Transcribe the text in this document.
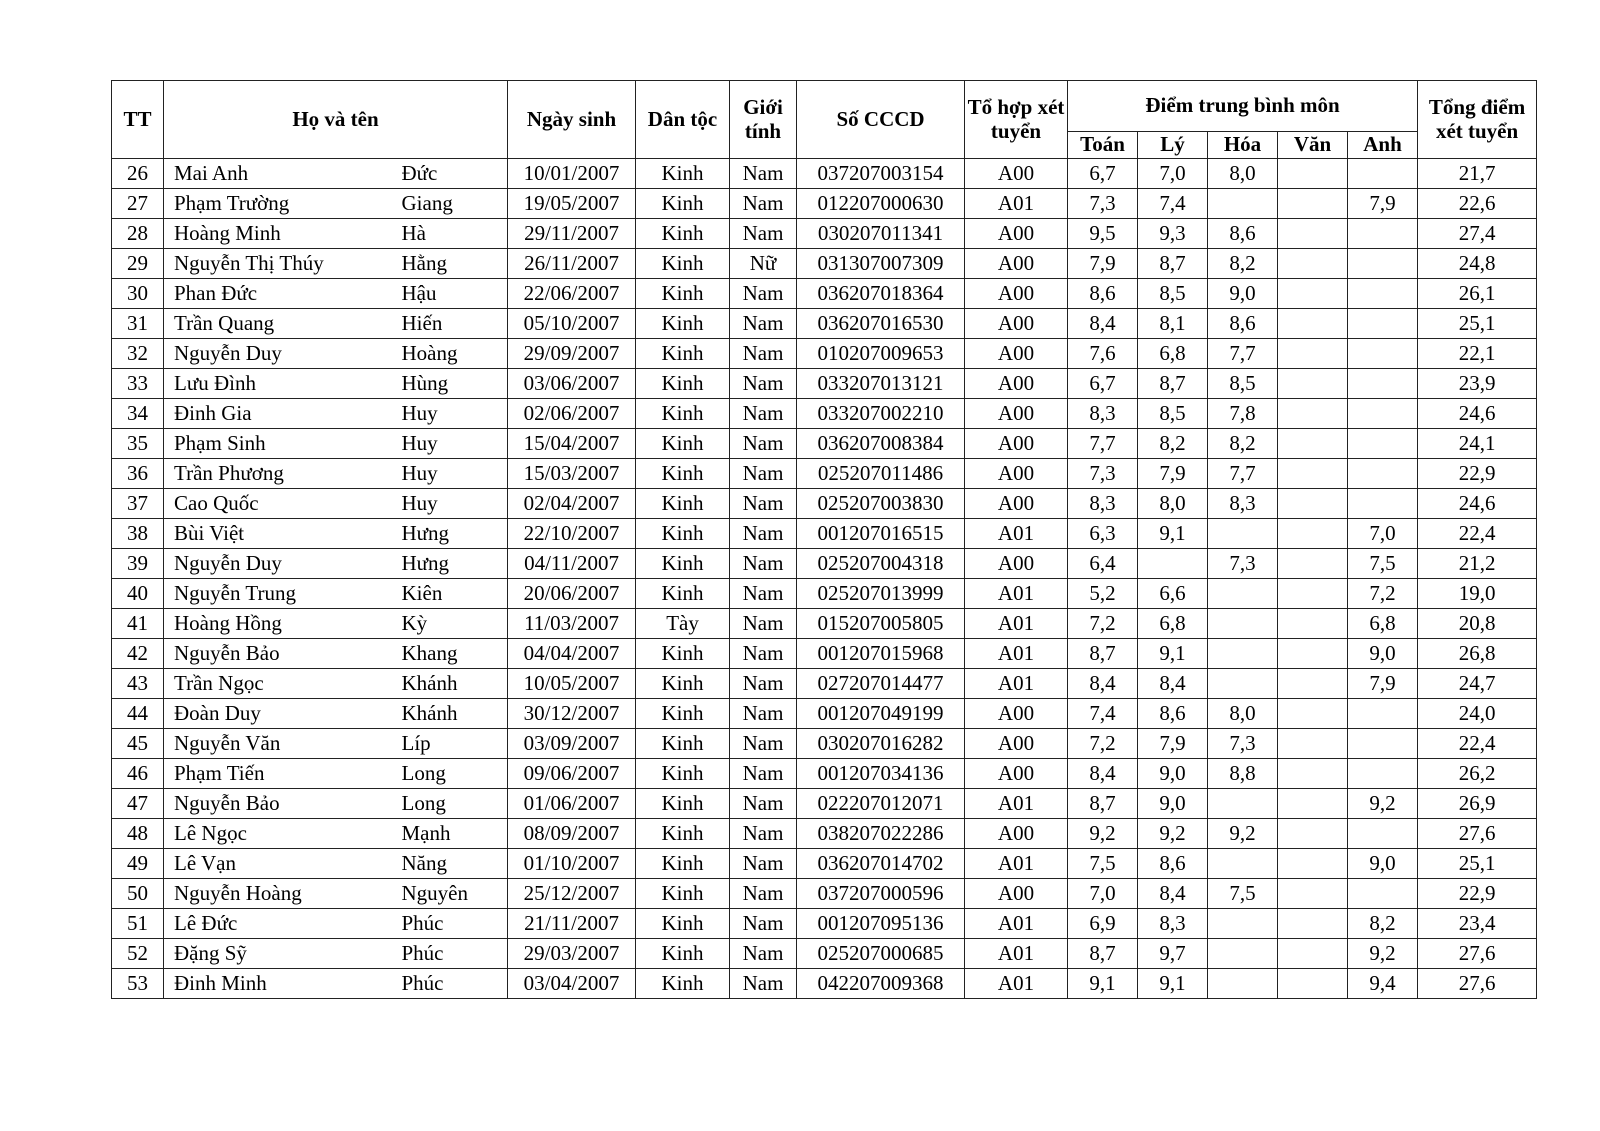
TT	Họ và tên		Ngày sinh	Dân tộc	Giới tính	Số CCCD	Tổ hợp xét tuyển	Điểm trung bình môn					Tổng điểm xét tuyển
								Toán	Lý	Hóa	Văn	Anh	
26	Mai Anh	Đức	10/01/2007	Kinh	Nam	037207003154	A00	6,7	7,0	8,0			21,7
27	Phạm Trường	Giang	19/05/2007	Kinh	Nam	012207000630	A01	7,3	7,4			7,9	22,6
28	Hoàng Minh	Hà	29/11/2007	Kinh	Nam	030207011341	A00	9,5	9,3	8,6			27,4
29	Nguyễn Thị Thúy	Hằng	26/11/2007	Kinh	Nữ	031307007309	A00	7,9	8,7	8,2			24,8
30	Phan Đức	Hậu	22/06/2007	Kinh	Nam	036207018364	A00	8,6	8,5	9,0			26,1
31	Trần Quang	Hiến	05/10/2007	Kinh	Nam	036207016530	A00	8,4	8,1	8,6			25,1
32	Nguyễn Duy	Hoàng	29/09/2007	Kinh	Nam	010207009653	A00	7,6	6,8	7,7			22,1
33	Lưu Đình	Hùng	03/06/2007	Kinh	Nam	033207013121	A00	6,7	8,7	8,5			23,9
34	Đinh Gia	Huy	02/06/2007	Kinh	Nam	033207002210	A00	8,3	8,5	7,8			24,6
35	Phạm Sinh	Huy	15/04/2007	Kinh	Nam	036207008384	A00	7,7	8,2	8,2			24,1
36	Trần Phương	Huy	15/03/2007	Kinh	Nam	025207011486	A00	7,3	7,9	7,7			22,9
37	Cao Quốc	Huy	02/04/2007	Kinh	Nam	025207003830	A00	8,3	8,0	8,3			24,6
38	Bùi Việt	Hưng	22/10/2007	Kinh	Nam	001207016515	A01	6,3	9,1			7,0	22,4
39	Nguyễn Duy	Hưng	04/11/2007	Kinh	Nam	025207004318	A00	6,4		7,3		7,5	21,2
40	Nguyễn Trung	Kiên	20/06/2007	Kinh	Nam	025207013999	A01	5,2	6,6			7,2	19,0
41	Hoàng Hồng	Kỳ	11/03/2007	Tày	Nam	015207005805	A01	7,2	6,8			6,8	20,8
42	Nguyễn Bảo	Khang	04/04/2007	Kinh	Nam	001207015968	A01	8,7	9,1			9,0	26,8
43	Trần Ngọc	Khánh	10/05/2007	Kinh	Nam	027207014477	A01	8,4	8,4			7,9	24,7
44	Đoàn Duy	Khánh	30/12/2007	Kinh	Nam	001207049199	A00	7,4	8,6	8,0			24,0
45	Nguyễn Văn	Líp	03/09/2007	Kinh	Nam	030207016282	A00	7,2	7,9	7,3			22,4
46	Phạm Tiến	Long	09/06/2007	Kinh	Nam	001207034136	A00	8,4	9,0	8,8			26,2
47	Nguyễn Bảo	Long	01/06/2007	Kinh	Nam	022207012071	A01	8,7	9,0			9,2	26,9
48	Lê Ngọc	Mạnh	08/09/2007	Kinh	Nam	038207022286	A00	9,2	9,2	9,2			27,6
49	Lê Vạn	Năng	01/10/2007	Kinh	Nam	036207014702	A01	7,5	8,6			9,0	25,1
50	Nguyễn Hoàng	Nguyên	25/12/2007	Kinh	Nam	037207000596	A00	7,0	8,4	7,5			22,9
51	Lê Đức	Phúc	21/11/2007	Kinh	Nam	001207095136	A01	6,9	8,3			8,2	23,4
52	Đặng Sỹ	Phúc	29/03/2007	Kinh	Nam	025207000685	A01	8,7	9,7			9,2	27,6
53	Đinh Minh	Phúc	03/04/2007	Kinh	Nam	042207009368	A01	9,1	9,1			9,4	27,6
